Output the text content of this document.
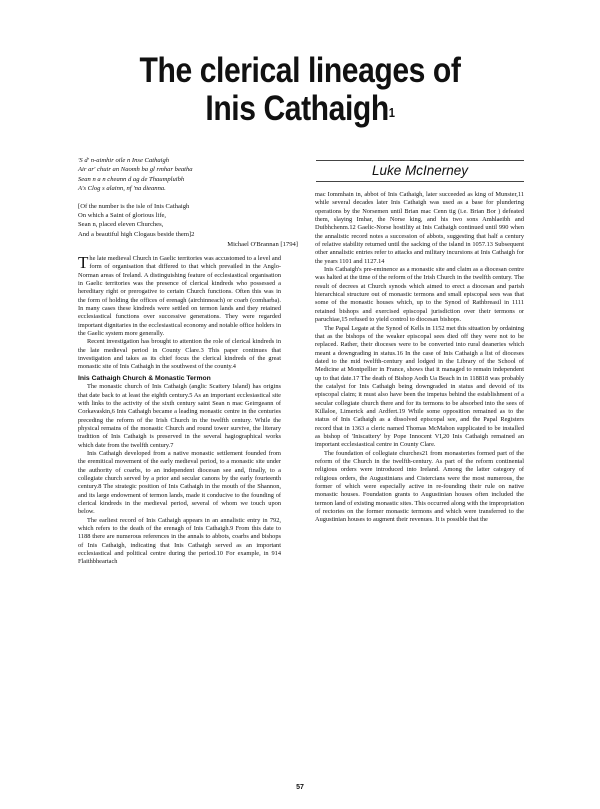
The clerical lineages of
Inis Cathaigh$^1$
'S d' n-aimhir oile n Inse Cathaigh
Air ar' chuir an Naomh ba gl rmhar beatha
Sean n a n cheann d ag de Thaumpluibh
A's Clog s alainn, nf 'na dieanna.
[Of the number is the isle of Inis Cathaigh
On which a Saint of glorious life,
Sean n, placed eleven Churches,
And a beautiful high Clogaus beside them]2
Michael O'Brannan [1794]
Luke McInerney

The late medieval Church in Gaelic territories was accustomed to a level and form of organisation that differed to that which prevailed in the Anglo-Norman areas of Ireland. A distinguishing feature of ecclesiastical organisation in Gaelic territories was the presence of clerical kindreds who possessed a hereditary right or prerogative to certain Church functions. Often this was in the form of holding the offices of erenagh (airchinneach) or coarb (comharba). In many cases these kindreds were settled on termon lands and they retained ecclesiastical functions over successive generations. They were regarded important dignitaries in the ecclesiastical economy and notable office holders in the Gaelic system more generally.

Recent investigation has brought to attention the role of clerical kindreds in the late medieval period in County Clare.3 This paper continues that investigation and takes as its chief focus the clerical kindreds of the great monastic site of Inis Cathaigh in the southwest of the county.4

Inis Cathaigh Church & Monastic Termon

The monastic church of Inis Cathaigh (anglic Scattery Island) has origins that date back to at least the eighth century.5 As an important ecclesiastical site with links to the activity of the sixth century saint Sean n mac Geirrgeann of Corkavaskin,6 Inis Cathaigh became a leading monastic centre in the centuries preceding the reform of the Irish Church in the twelfth century. While the physical remains of the monastic Church and round tower survive, the literary tradition of Inis Cathaigh is preserved in the several hagiographical works which date from the twelfth century.7

Inis Cathaigh developed from a native monastic settlement founded from the eremitical movement of the early medieval period, to a monastic site under the authority of coarbs, to an independent diocesan see and, finally, to a collegiate church served by a prior and secular canons by the early fourteenth century.8 The strategic position of Inis Cathaigh in the mouth of the Shannon, and its large endowment of termon lands, made it conducive to the founding of clerical kindreds in the medieval period, several of whom we touch upon below.

The earliest record of Inis Cathaigh appears in an annalistic entry in 792, which refers to the death of the erenagh of Inis Cathaigh.9 From this date to 1188 there are numerous references in the annals to abbots, coarbs and bishops of Inis Cathaigh, indicating that Inis Cathaigh served as an important ecclesiastical and political centre during the period.10 For example, in 914 Flaithbheartach

mac Iommhain in, abbot of Inis Cathaigh, later succeeded as king of Munster,11 while several decades later Inis Cathaigh was used as a base for plundering operations by the Norsemen until Brian mac Cenn tig (i.e. Brian Bor ) defeated them, slaying Imhar, the Norse king, and his two sons Amhlaeibh and Duibhchenm.12 Gaelic-Norse hostility at Inis Cathaigh continued until 990 when the annalistic record notes a succession of abbots, suggesting that half a century of relative stability returned until the sacking of the island in 1057.13 Subsequent other annalistic entries refer to attacks and military incursions at Inis Cathaigh for the years 1101 and 1127.14

Inis Cathaigh's pre-eminence as a monastic site and claim as a diocesan centre was halted at the time of the reform of the Irish Church in the twelfth century. The result of decrees at Church synods which aimed to erect a diocesan and parish hierarchical structure out of monastic termons and small episcopal sees was that some of the monastic houses which, up to the Synod of Rathbreasil in 1111 retained bishops and exercised episcopal jurisdiction over their termons or paruchiae,15 refused to yield control to diocesan bishops.

The Papal Legate at the Synod of Kells in 1152 met this situation by ordaining that as the bishops of the weaker episcopal sees died off they were not to be replaced. Rather, their dioceses were to be converted into rural deaneries which meant a downgrading in status.16 In the case of Inis Cathaigh a list of dioceses dated to the mid twelfth-century and lodged in the Library of the School of Medicine at Montpellier in France, shows that it managed to remain independent up to that date.17 The death of Bishop Aodh Ua Beach in in 118818 was probably the catalyst for Inis Cathaigh being downgraded in status and devoid of its episcopal claim; it must also have been the impetus behind the establishment of a secular collegiate church there and for its termons to be absorbed into the sees of Killaloe, Limerick and Ardfert.19 While some opposition remained as to the status of Inis Cathaigh as a dissolved episcopal see, and the Papal Registers record that in 1363 a cleric named Thomas McMahon supplicated to be installed as bishop of 'Iniscattery' by Pope Innocent VI,20 Inis Cathaigh remained an important ecclesiastical centre in County Clare.

The foundation of collegiate churches21 from monasteries formed part of the reform of the Church in the twelfth-century. As part of the reform continental religious orders were introduced into Ireland. Among the latter category of religious orders, the Augustinians and Cistercians were the most numerous, the former of which were especially active in re-founding their rule on native monastic houses. Foundation grants to Augustinian houses often included the termon land of existing monastic sites. This occurred along with the impropriation of rectories on the former monastic termons and which were transferred to the Augustinian houses to augment their revenues. It is possible that the

57
